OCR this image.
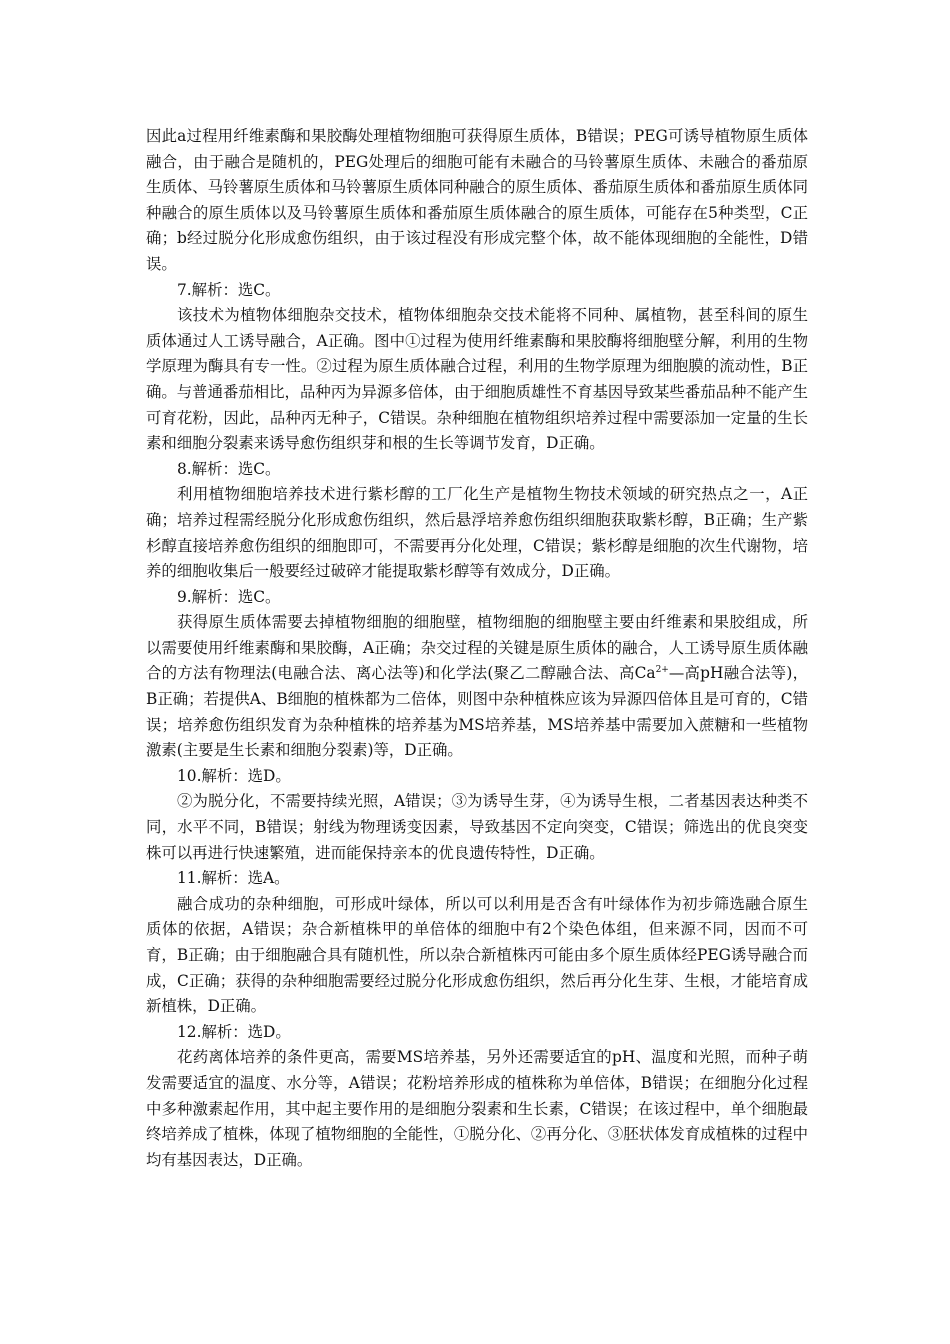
因此a过程用纤维素酶和果胶酶处理植物细胞可获得原生质体，B错误；PEG可诱导植物原生质体融合，由于融合是随机的，PEG处理后的细胞可能有未融合的马铃薯原生质体、未融合的番茄原生质体、马铃薯原生质体和马铃薯原生质体同种融合的原生质体、番茄原生质体和番茄原生质体同种融合的原生质体以及马铃薯原生质体和番茄原生质体融合的原生质体，可能存在5种类型，C正确；b经过脱分化形成愈伤组织，由于该过程没有形成完整个体，故不能体现细胞的全能性，D错误。

7.解析：选C。

该技术为植物体细胞杂交技术，植物体细胞杂交技术能将不同种、属植物，甚至科间的原生质体通过人工诱导融合，A正确。图中①过程为使用纤维素酶和果胶酶将细胞壁分解，利用的生物学原理为酶具有专一性。②过程为原生质体融合过程，利用的生物学原理为细胞膜的流动性，B正确。与普通番茄相比，品种丙为异源多倍体，由于细胞质雄性不育基因导致某些番茄品种不能产生可育花粉，因此，品种丙无种子，C错误。杂种细胞在植物组织培养过程中需要添加一定量的生长素和细胞分裂素来诱导愈伤组织芽和根的生长等调节发育，D正确。

8.解析：选C。

利用植物细胞培养技术进行紫杉醇的工厂化生产是植物生物技术领域的研究热点之一，A正确；培养过程需经脱分化形成愈伤组织，然后悬浮培养愈伤组织细胞获取紫杉醇，B正确；生产紫杉醇直接培养愈伤组织的细胞即可，不需要再分化处理，C错误；紫杉醇是细胞的次生代谢物，培养的细胞收集后一般要经过破碎才能提取紫杉醇等有效成分，D正确。

9.解析：选C。

获得原生质体需要去掉植物细胞的细胞壁，植物细胞的细胞壁主要由纤维素和果胶组成，所以需要使用纤维素酶和果胶酶，A正确；杂交过程的关键是原生质体的融合，人工诱导原生质体融合的方法有物理法(电融合法、离心法等)和化学法(聚乙二醇融合法、高$Ca^{2+}—$高pH融合法等)，B正确；若提供A、B细胞的植株都为二倍体，则图中杂种植株应该为异源四倍体且是可育的，C错误；培养愈伤组织发育为杂种植株的培养基为MS培养基，MS培养基中需要加入蔗糖和一些植物激素(主要是生长素和细胞分裂素)等，D正确。

10.解析：选D。

②为脱分化，不需要持续光照，A错误；③为诱导生芽，④为诱导生根，二者基因表达种类不同，水平不同，B错误；射线为物理诱变因素，导致基因不定向突变，C错误；筛选出的优良突变株可以再进行快速繁殖，进而能保持亲本的优良遗传特性，D正确。

11.解析：选A。

融合成功的杂种细胞，可形成叶绿体，所以可以利用是否含有叶绿体作为初步筛选融合原生质体的依据，A错误；杂合新植株甲的单倍体的细胞中有2个染色体组，但来源不同，因而不可育，B正确；由于细胞融合具有随机性，所以杂合新植株丙可能由多个原生质体经PEG诱导融合而成，C正确；获得的杂种细胞需要经过脱分化形成愈伤组织，然后再分化生芽、生根，才能培育成新植株，D正确。

12.解析：选D。

花药离体培养的条件更高，需要MS培养基，另外还需要适宜的pH、温度和光照，而种子萌发需要适宜的温度、水分等，A错误；花粉培养形成的植株称为单倍体，B错误；在细胞分化过程中多种激素起作用，其中起主要作用的是细胞分裂素和生长素，C错误；在该过程中，单个细胞最终培养成了植株，体现了植物细胞的全能性，①脱分化、②再分化、③胚状体发育成植株的过程中均有基因表达，D正确。
